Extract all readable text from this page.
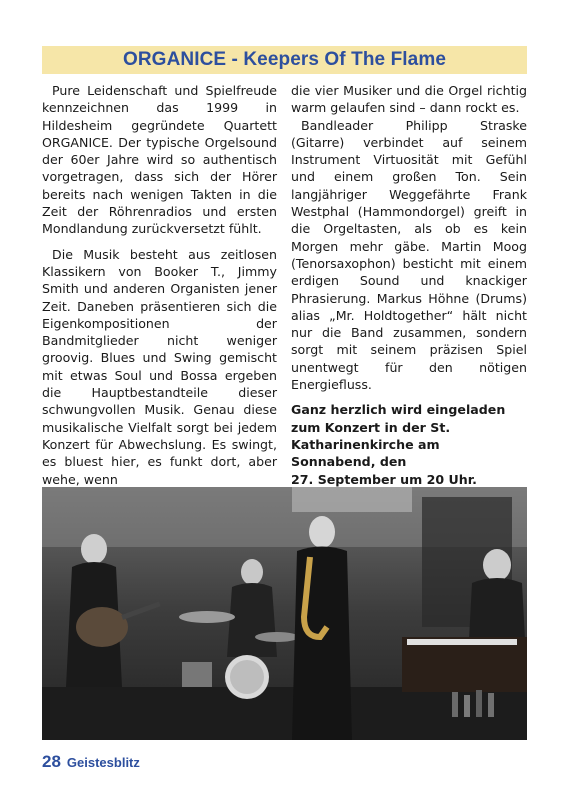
ORGANICE - Keepers Of The Flame

Pure Leidenschaft und Spielfreude kennzeichnen das 1999 in Hildesheim gegründete Quartett ORGANICE. Der typische Orgelsound der 60er Jahre wird so authentisch vorgetragen, dass sich der Hörer bereits nach wenigen Takten in die Zeit der Röhrenradios und ersten Mondlandung zurückversetzt fühlt.

Die Musik besteht aus zeitlosen Klassikern von Booker T., Jimmy Smith und anderen Organisten jener Zeit. Daneben präsentieren sich die Eigenkompositionen der Bandmitglieder nicht weniger groovig. Blues und Swing gemischt mit etwas Soul und Bossa ergeben die Hauptbestandteile dieser schwungvollen Musik. Genau diese musikalische Vielfalt sorgt bei jedem Konzert für Abwechslung. Es swingt, es bluest hier, es funkt dort, aber wehe, wenn

die vier Musiker und die Orgel richtig warm gelaufen sind – dann rockt es.

Bandleader Philipp Straske (Gitarre) verbindet auf seinem Instrument Virtuosität mit Gefühl und einem großen Ton. Sein langjähriger Weggefährte Frank Westphal (Hammondorgel) greift in die Orgeltasten, als ob es kein Morgen mehr gäbe. Martin Moog (Tenorsaxophon) besticht mit einem erdigen Sound und knackiger Phrasierung. Markus Höhne (Drums) alias „Mr. Holdtogether“ hält nicht nur die Band zusammen, sondern sorgt mit seinem präzisen Spiel unentwegt für den nötigen Energiefluss.

Ganz herzlich wird eingeladen zum Konzert in der St. Katharinenkirche am Sonnabend, den
27. September um 20 Uhr.

28 Geistesblitz
